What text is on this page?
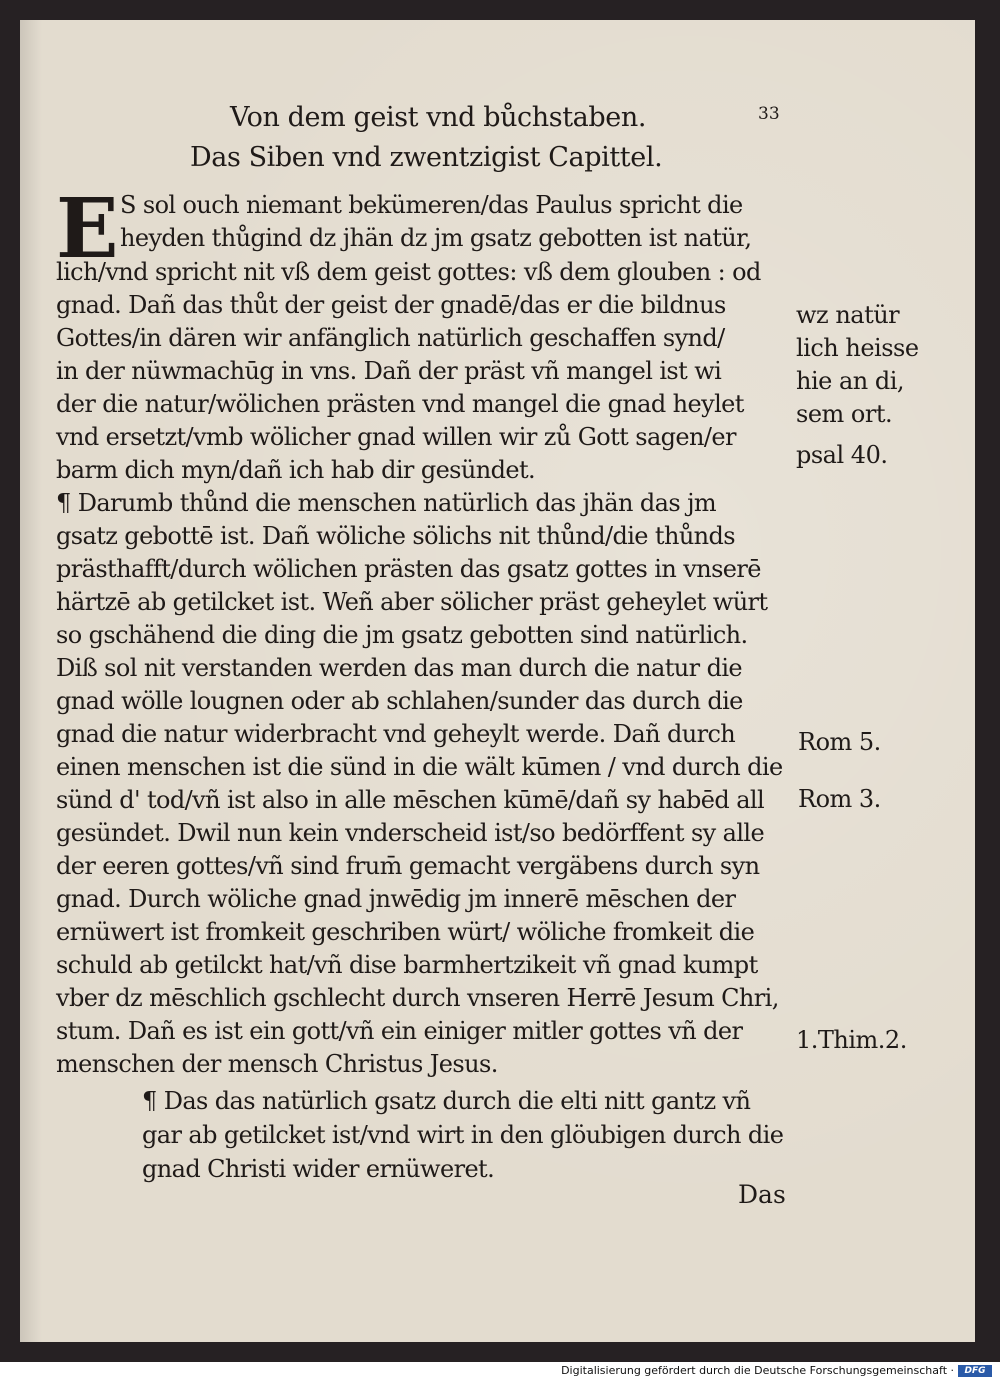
Von dem geist vnd bůchstaben.	33
Das Siben vnd zwentzigist Capittel.
E S sol ouch niemant bekümeren/das Paulus spricht die
heyden thůgind dz jhän dz jm gsatz gebotten ist natür,
lich/vnd spricht nit vß dem geist gottes: vß dem glouben : od
gnad. Dañ das thůt der geist der gnadē/das er die bildnus
Gottes/in dären wir anfänglich natürlich geschaffen synd/
in der nüwmachūg in vns. Dañ der präst vñ mangel ist wi
der die natur/wölichen prästen vnd mangel die gnad heylet
vnd ersetzt/vmb wölicher gnad willen wir zů Gott sagen/er
barm dich myn/dañ ich hab dir gesündet.
¶ Darumb thůnd die menschen natürlich das jhän das jm
gsatz gebottē ist. Dañ wöliche sölichs nit thůnd/die thůnds
prästhafft/durch wölichen prästen das gsatz gottes in vnserē
härtzē ab getilcket ist. Weñ aber sölicher präst geheylet würt
so gschähend die ding die jm gsatz gebotten sind natürlich.
Diß sol nit verstanden werden das man durch die natur die
gnad wölle lougnen oder ab schlahen/sunder das durch die
gnad die natur widerbracht vnd geheylt werde. Dañ durch
einen menschen ist die sünd in die wält kūmen / vnd durch die
sünd d' tod/vñ ist also in alle mēschen kūmē/dañ sy habēd all
gesündet. Dwil nun kein vnderscheid ist/so bedörffent sy alle
der eeren gottes/vñ sind frum̄ gemacht vergäbens durch syn
gnad. Durch wöliche gnad jnwēdig jm innerē mēschen der
ernüwert ist fromkeit geschriben würt/ wöliche fromkeit die
schuld ab getilckt hat/vñ dise barmhertzikeit vñ gnad kumpt
vber dz mēschlich gschlecht durch vnseren Herrē Jesum Chri,
stum. Dañ es ist ein gott/vñ ein einiger mitler gottes vñ der
menschen der mensch Christus Jesus.
¶ Das das natürlich gsatz durch die elti nitt gantz vñ
gar ab getilcket ist/vnd wirt in den glöubigen durch die
gnad Christi wider ernüweret.
Das
wz natür
lich heisse
hie an di,
sem ort.
psal 40.
Rom 5.
Rom 3.
1.Thim.2.
Digitalisierung gefördert durch die Deutsche Forschungsgemeinschaft ·	DFG
